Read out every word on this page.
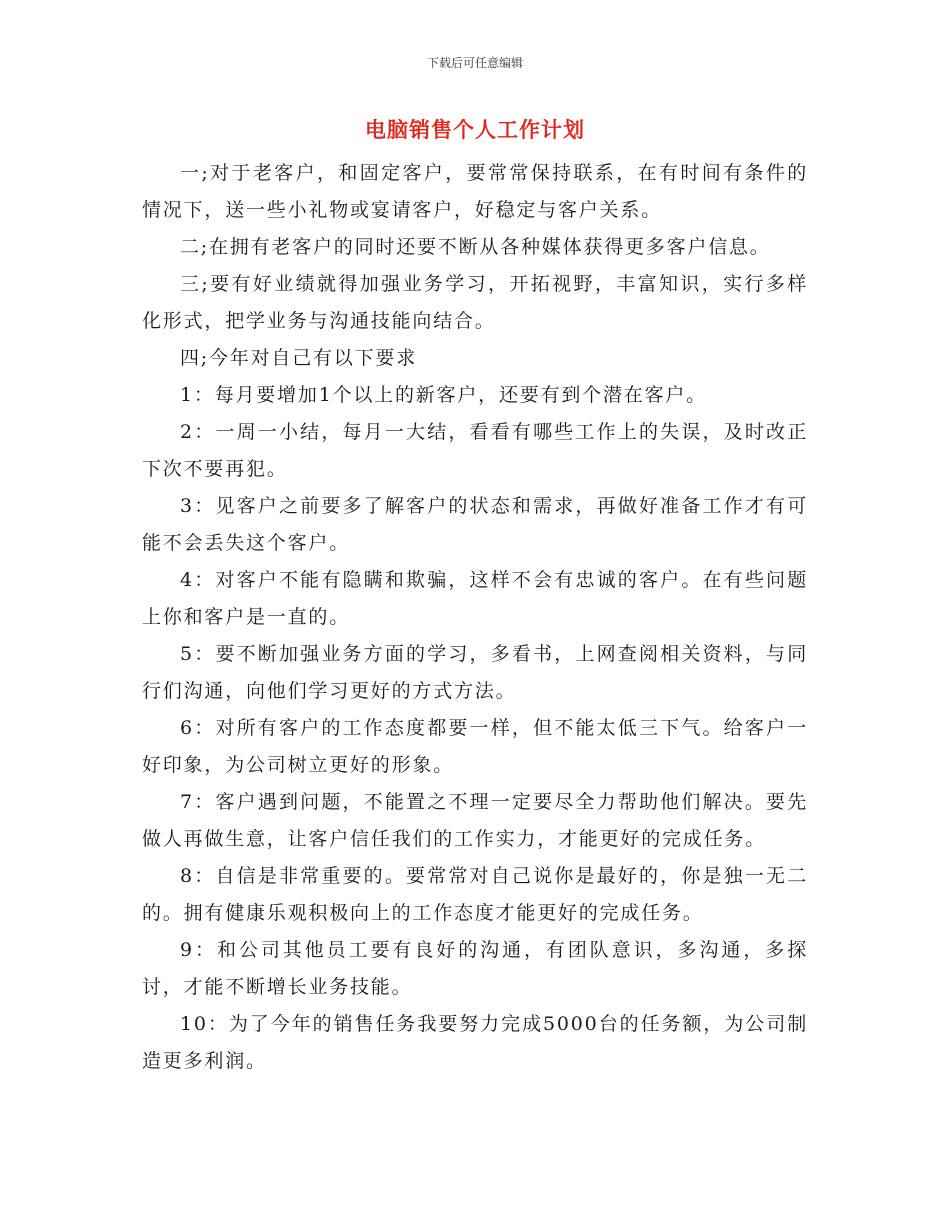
下载后可任意编辑
电脑销售个人工作计划

一;对于老客户，和固定客户，要常常保持联系，在有时间有条件的情况下，送一些小礼物或宴请客户，好稳定与客户关系。

二;在拥有老客户的同时还要不断从各种媒体获得更多客户信息。

三;要有好业绩就得加强业务学习，开拓视野，丰富知识，实行多样化形式，把学业务与沟通技能向结合。

四;今年对自己有以下要求

1：每月要增加1个以上的新客户，还要有到个潜在客户。

2：一周一小结，每月一大结，看看有哪些工作上的失误，及时改正下次不要再犯。

3：见客户之前要多了解客户的状态和需求，再做好准备工作才有可能不会丢失这个客户。

4：对客户不能有隐瞒和欺骗，这样不会有忠诚的客户。在有些问题上你和客户是一直的。

5：要不断加强业务方面的学习，多看书，上网查阅相关资料，与同行们沟通，向他们学习更好的方式方法。

6：对所有客户的工作态度都要一样，但不能太低三下气。给客户一好印象，为公司树立更好的形象。

7：客户遇到问题，不能置之不理一定要尽全力帮助他们解决。要先做人再做生意，让客户信任我们的工作实力，才能更好的完成任务。

8：自信是非常重要的。要常常对自己说你是最好的，你是独一无二的。拥有健康乐观积极向上的工作态度才能更好的完成任务。

9：和公司其他员工要有良好的沟通，有团队意识，多沟通，多探讨，才能不断增长业务技能。

10：为了今年的销售任务我要努力完成5000台的任务额，为公司制造更多利润。
